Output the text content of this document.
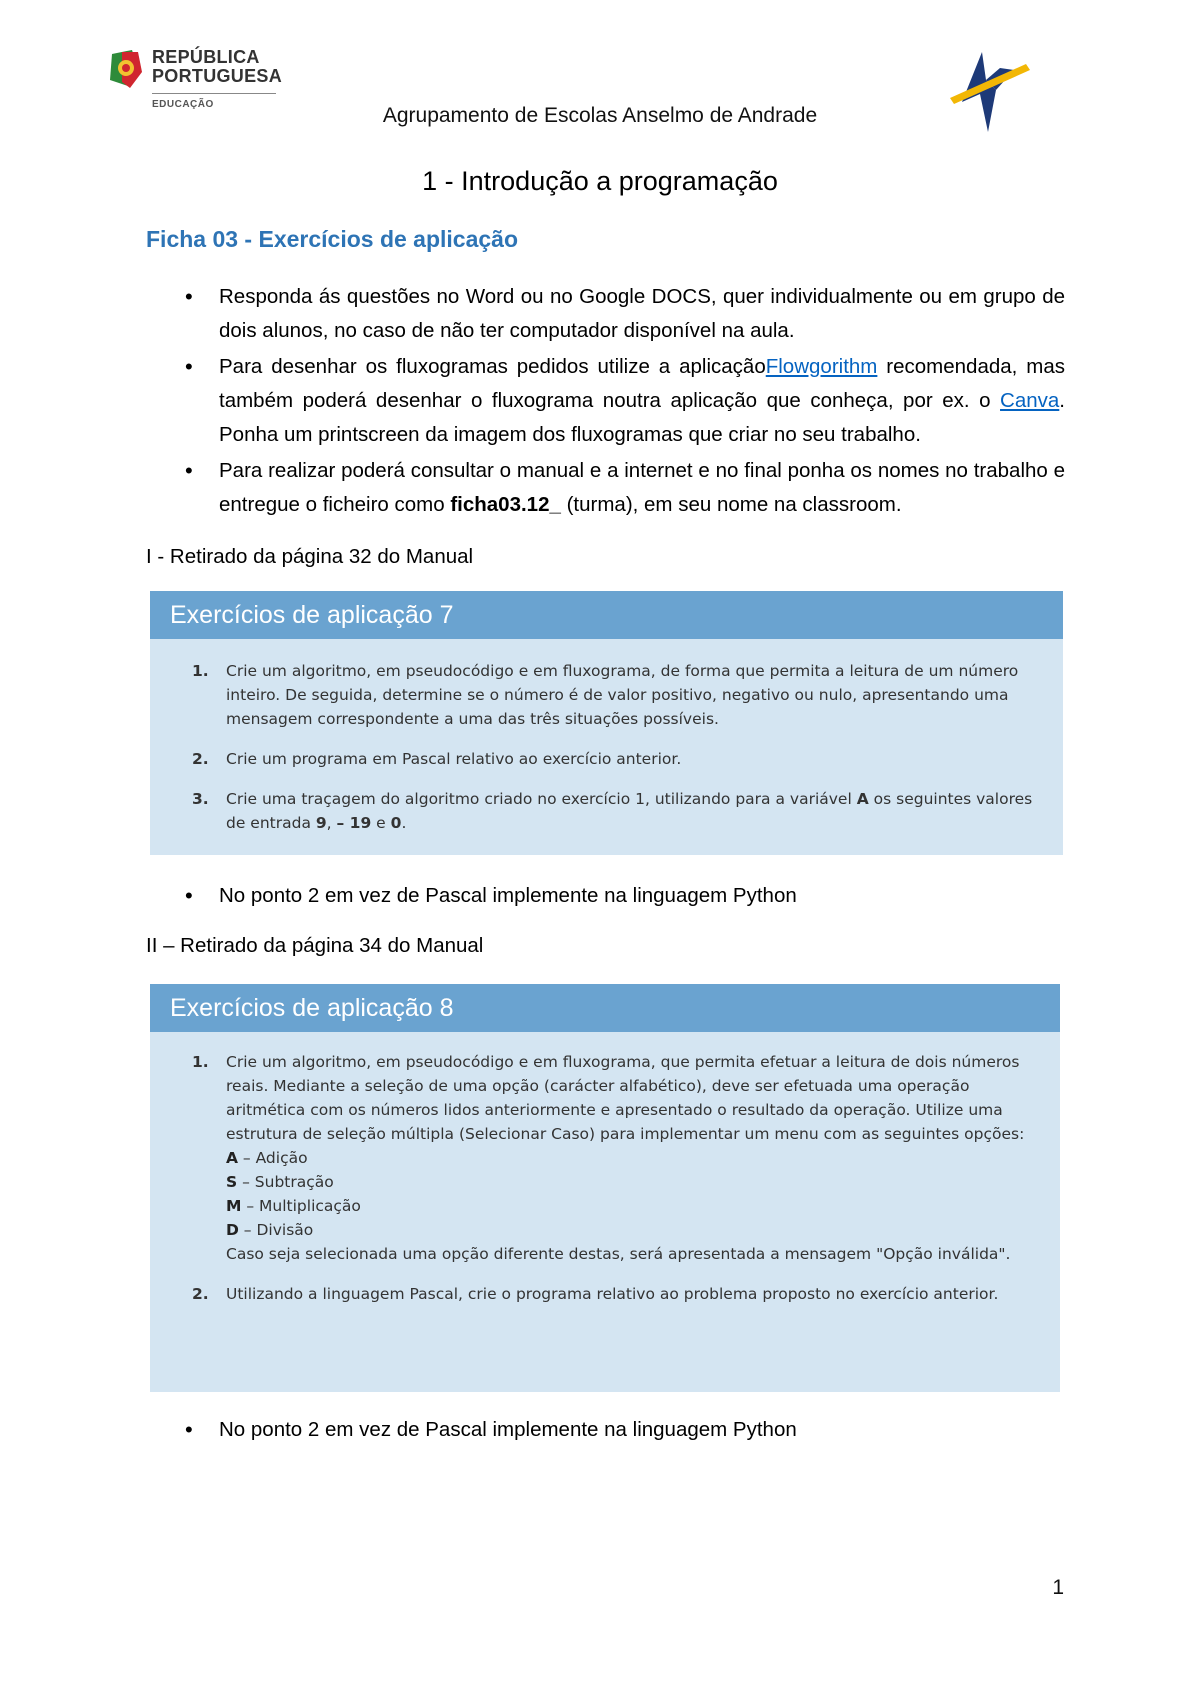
REPÚBLICA
PORTUGUESA
EDUCAÇÃO	Agrupamento de Escolas Anselmo de Andrade
1 - Introdução a programação
Ficha 03 - Exercícios de aplicação
• Responda ás questões no Word ou no Google DOCS, quer individualmente ou em grupo de dois alunos, no caso de não ter computador disponível na aula.
• Para desenhar os fluxogramas pedidos utilize a aplicaçãoFlowgorithm recomendada, mas também poderá desenhar o fluxograma noutra aplicação que conheça, por ex. o Canva. Ponha um printscreen da imagem dos fluxogramas que criar no seu trabalho.
• Para realizar poderá consultar o manual e a internet e no final ponha os nomes no trabalho e entregue o ficheiro como ficha03.12_ (turma), em seu nome na classroom.
I - Retirado da página 32 do Manual
Exercícios de aplicação 7
1. Crie um algoritmo, em pseudocódigo e em fluxograma, de forma que permita a leitura de um número inteiro. De seguida, determine se o número é de valor positivo, negativo ou nulo, apresentando uma mensagem correspondente a uma das três situações possíveis.
2. Crie um programa em Pascal relativo ao exercício anterior.
3. Crie uma traçagem do algoritmo criado no exercício 1, utilizando para a variável A os seguintes valores de entrada 9, – 19 e 0.
• No ponto 2 em vez de Pascal implemente na linguagem Python
II – Retirado da página 34 do Manual
Exercícios de aplicação 8
1. Crie um algoritmo, em pseudocódigo e em fluxograma, que permita efetuar a leitura de dois números reais. Mediante a seleção de uma opção (carácter alfabético), deve ser efetuada uma operação aritmética com os números lidos anteriormente e apresentado o resultado da operação. Utilize uma estrutura de seleção múltipla (Selecionar Caso) para implementar um menu com as seguintes opções:
A – Adição
S – Subtração
M – Multiplicação
D – Divisão
Caso seja selecionada uma opção diferente destas, será apresentada a mensagem "Opção inválida".
2. Utilizando a linguagem Pascal, crie o programa relativo ao problema proposto no exercício anterior.
• No ponto 2 em vez de Pascal implemente na linguagem Python
1
